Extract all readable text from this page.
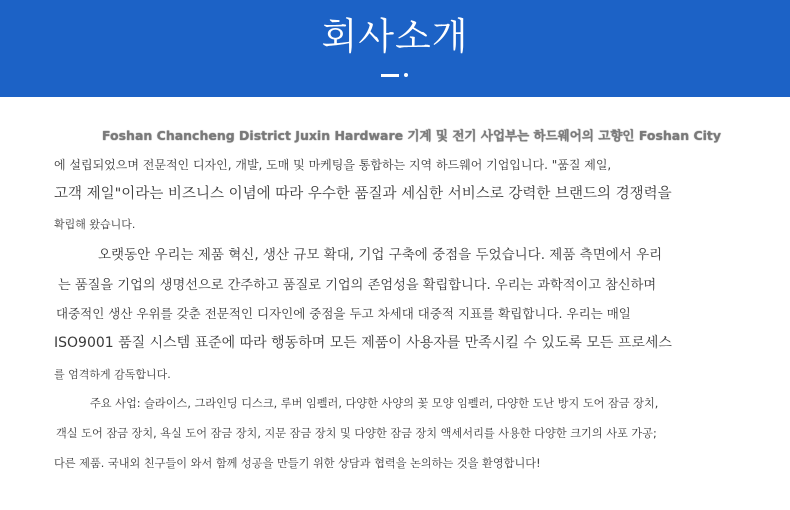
회사소개
Foshan Chancheng District Juxin Hardware 기계 및 전기 사업부는 하드웨어의 고향인 Foshan City
에 설립되었으며 전문적인 디자인, 개발, 도매 및 마케팅을 통합하는 지역 하드웨어 기업입니다. "품질 제일,
고객 제일"이라는 비즈니스 이념에 따라 우수한 품질과 세심한 서비스로 강력한 브랜드의 경쟁력을
확립해 왔습니다.
오랫동안 우리는 제품 혁신, 생산 규모 확대, 기업 구축에 중점을 두었습니다. 제품 측면에서 우리
는 품질을 기업의 생명선으로 간주하고 품질로 기업의 존엄성을 확립합니다. 우리는 과학적이고 참신하며
대중적인 생산 우위를 갖춘 전문적인 디자인에 중점을 두고 차세대 대중적 지표를 확립합니다. 우리는 매일
ISO9001 품질 시스템 표준에 따라 행동하며 모든 제품이 사용자를 만족시킬 수 있도록 모든 프로세스
를 엄격하게 감독합니다.
주요 사업: 슬라이스, 그라인딩 디스크, 루버 임펠러, 다양한 사양의 꽃 모양 임펠러, 다양한 도난 방지 도어 잠금 장치,
객실 도어 잠금 장치, 욕실 도어 잠금 장치, 지문 잠금 장치 및 다양한 잠금 장치 액세서리를 사용한 다양한 크기의 사포 가공;
다른 제품. 국내외 친구들이 와서 함께 성공을 만들기 위한 상담과 협력을 논의하는 것을 환영합니다!
